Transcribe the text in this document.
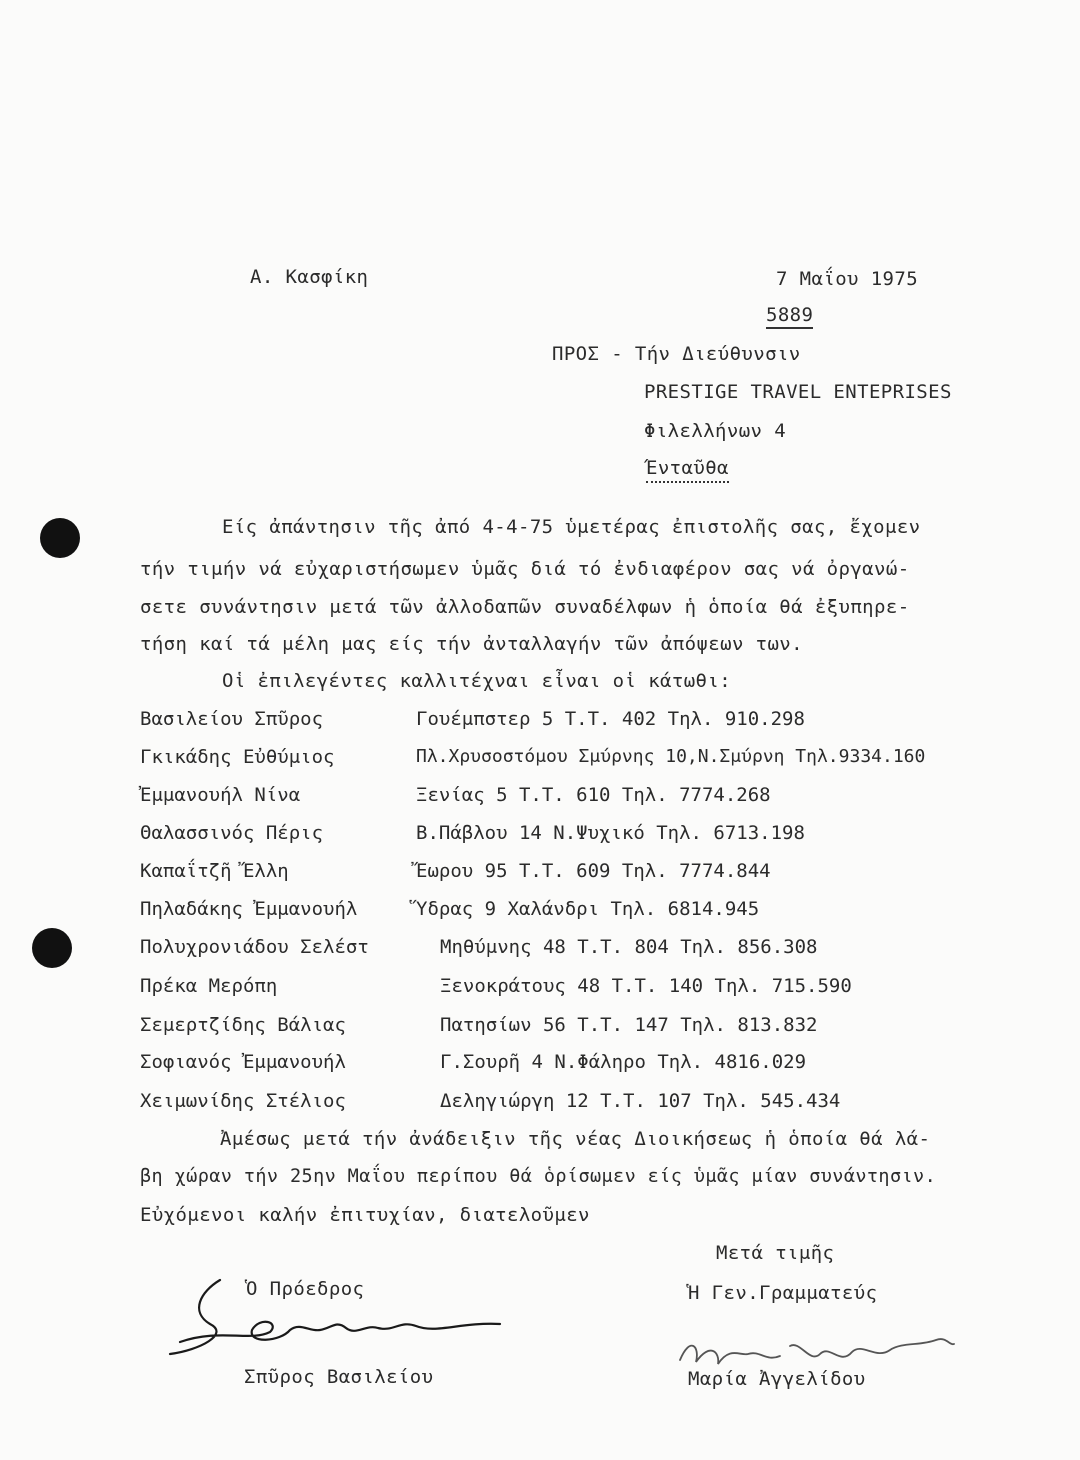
Α. Κασφίκη	7 Μαΐου 1975
5889
ΠΡΟΣ - Τήν Διεύθυνσιν
PRESTIGE TRAVEL ENTEPRISES
Φιλελλήνων 4
Ένταῦθα
Είς ἀπάντησιν τῆς ἀπό 4-4-75 ὑμετέρας ἐπιστολῆς σας, ἔχομεν
τήν τιμήν νά εὐχαριστήσωμεν ὑμᾶς διά τό ἐνδιαφέρον σας νά ὀργανώ-
σετε συνάντησιν μετά τῶν ἀλλοδαπῶν συναδέλφων ἡ ὁποία θά ἐξυπηρε-
τήση καί τά μέλη μας είς τήν ἀνταλλαγήν τῶν ἀπόψεων των.
Οἱ ἐπιλεγέντες καλλιτέχναι εἶναι οἱ κάτωθι:
Βασιλείου Σπῦρος	Γουέμπστερ 5 Τ.Τ. 402 Τηλ. 910.298
Γκικάδης Εὐθύμιος	Πλ.Χρυσοστόμου Σμύρνης 10,Ν.Σμύρνη Τηλ.9334.160
Ἐμμανουήλ Νίνα	Ξενίας 5 Τ.Τ. 610 Τηλ. 7774.268
Θαλασσινός Πέρις	Β.Πάβλου 14 Ν.Ψυχικό Τηλ. 6713.198
Καπαΐτζῆ Ἔλλη	Ἔωρου 95 Τ.Τ. 609 Τηλ. 7774.844
Πηλαδάκης Ἐμμανουήλ	Ὕδρας 9 Χαλάνδρι Τηλ. 6814.945
Πολυχρονιάδου Σελέστ	Μηθύμνης 48 Τ.Τ. 804 Τηλ. 856.308
Πρέκα Μερόπη	Ξενοκράτους 48 Τ.Τ. 140 Τηλ. 715.590
Σεμερτζίδης Βάλιας	Πατησίων 56 Τ.Τ. 147 Τηλ. 813.832
Σοφιανός Ἐμμανουήλ	Γ.Σουρῆ 4 Ν.Φάληρο Τηλ. 4816.029
Χειμωνίδης Στέλιος	Δεληγιώργη 12 Τ.Τ. 107 Τηλ. 545.434
Ἀμέσως μετά τήν ἀνάδειξιν τῆς νέας Διοικήσεως ἡ ὁποία θά λά-
βη χώραν τήν 25ην Μαΐου περίπου θά ὁρίσωμεν είς ὑμᾶς μίαν συνάντησιν.
Εὐχόμενοι καλήν ἐπιτυχίαν, διατελοῦμεν
Μετά τιμῆς
Ὁ Πρόεδρος	Ἡ Γεν.Γραμματεύς
Σπῦρος Βασιλείου	Μαρία Ἀγγελίδου
